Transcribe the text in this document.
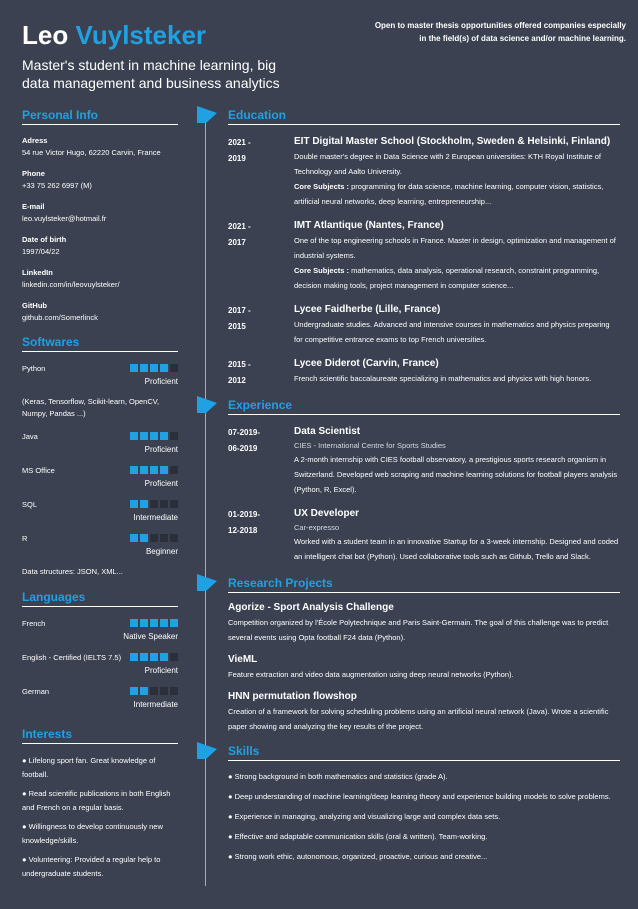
Leo Vuylsteker
Master's student in machine learning, big data management and business analytics
Open to master thesis opportunities offered companies especially in the field(s) of data science and/or machine learning.
Personal Info
Adress
54 rue Victor Hugo, 62220 Carvin, France
Phone
+33 75 262 6997 (M)
E-mail
leo.vuylsteker@hotmail.fr
Date of birth
1997/04/22
LinkedIn
linkedin.com/in/leovuylsteker/
GitHub
github.com/Somerlinck
Softwares
Python
Proficient
(Keras, Tensorflow, Scikit-learn, OpenCV, Numpy, Pandas ...)
Java
Proficient
MS Office
Proficient
SQL
Intermediate
R
Beginner
Data structures: JSON, XML...
Languages
French
Native Speaker
English - Certified (IELTS 7.5)
Proficient
German
Intermediate
Interests
● Lifelong sport fan. Great knowledge of football.
● Read scientific publications in both English and French on a regular basis.
● Willingness to develop continuously new knowledge/skills.
● Volunteering: Provided a regular help to undergraduate students.
Education
2021 -
2019
EIT Digital Master School (Stockholm, Sweden & Helsinki, Finland)
Double master's degree in Data Science with 2 European universities: KTH Royal Institute of Technology and Aalto University.
Core Subjects : programming for data science, machine learning, computer vision, statistics, artificial neural networks, deep learning, entrepreneurship...
2021 -
2017
IMT Atlantique (Nantes, France)
One of the top engineering schools in France. Master in design, optimization and management of industrial systems.
Core Subjects : mathematics, data analysis, operational research, constraint programming, decision making tools, project management in computer science...
2017 -
2015
Lycee Faidherbe (Lille, France)
Undergraduate studies. Advanced and intensive courses in mathematics and physics preparing for competitive entrance exams to top French universities.
2015 -
2012
Lycee Diderot (Carvin, France)
French scientific baccalaureate specializing in mathematics and physics with high honors.
Experience
07-2019-
06-2019
Data Scientist
CIES - International Centre for Sports Studies
A 2-month internship with CIES football observatory, a prestigious sports research organism in Switzerland. Developed web scraping and machine learning solutions for football players analysis (Python, R, Excel).
01-2019-
12-2018
UX Developer
Car-expresso
Worked with a student team in an innovative Startup for a 3-week internship. Designed and coded an intelligent chat bot (Python). Used collaborative tools such as Github, Trello and Slack.
Research Projects
Agorize - Sport Analysis Challenge
Competition organized by l'École Polytechnique and Paris Saint-Germain. The goal of this challenge was to predict several events using Opta football F24 data (Python).
VieML
Feature extraction and video data augmentation using deep neural networks (Python).
HNN permutation flowshop
Creation of a framework for solving scheduling problems using an artificial neural network (Java). Wrote a scientific paper showing and analyzing the key results of the project.
Skills
● Strong background in both mathematics and statistics (grade A).
● Deep understanding of machine learning/deep learning theory and experience building models to solve problems.
● Experience in managing, analyzing and visualizing large and complex data sets.
● Effective and adaptable communication skills (oral & written). Team-working.
● Strong work ethic, autonomous, organized, proactive, curious and creative...
